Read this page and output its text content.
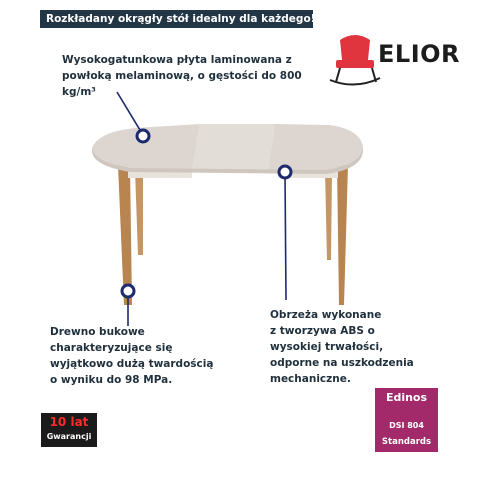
Rozkładany okrągły stół idealny dla każdego!
Wysokogatunkowa płyta laminowana z
powłoką melaminową, o gęstości do 800
kg/m³
ELIOR
Drewno bukowe
charakteryzujące się
wyjątkowo dużą twardością
o wyniku do 98 MPa.
Obrzeża wykonane
z tworzywa ABS o
wysokiej trwałości,
odporne na uszkodzenia
mechaniczne.
10 lat
Gwarancji
Edinos
DSI 804
Standards
